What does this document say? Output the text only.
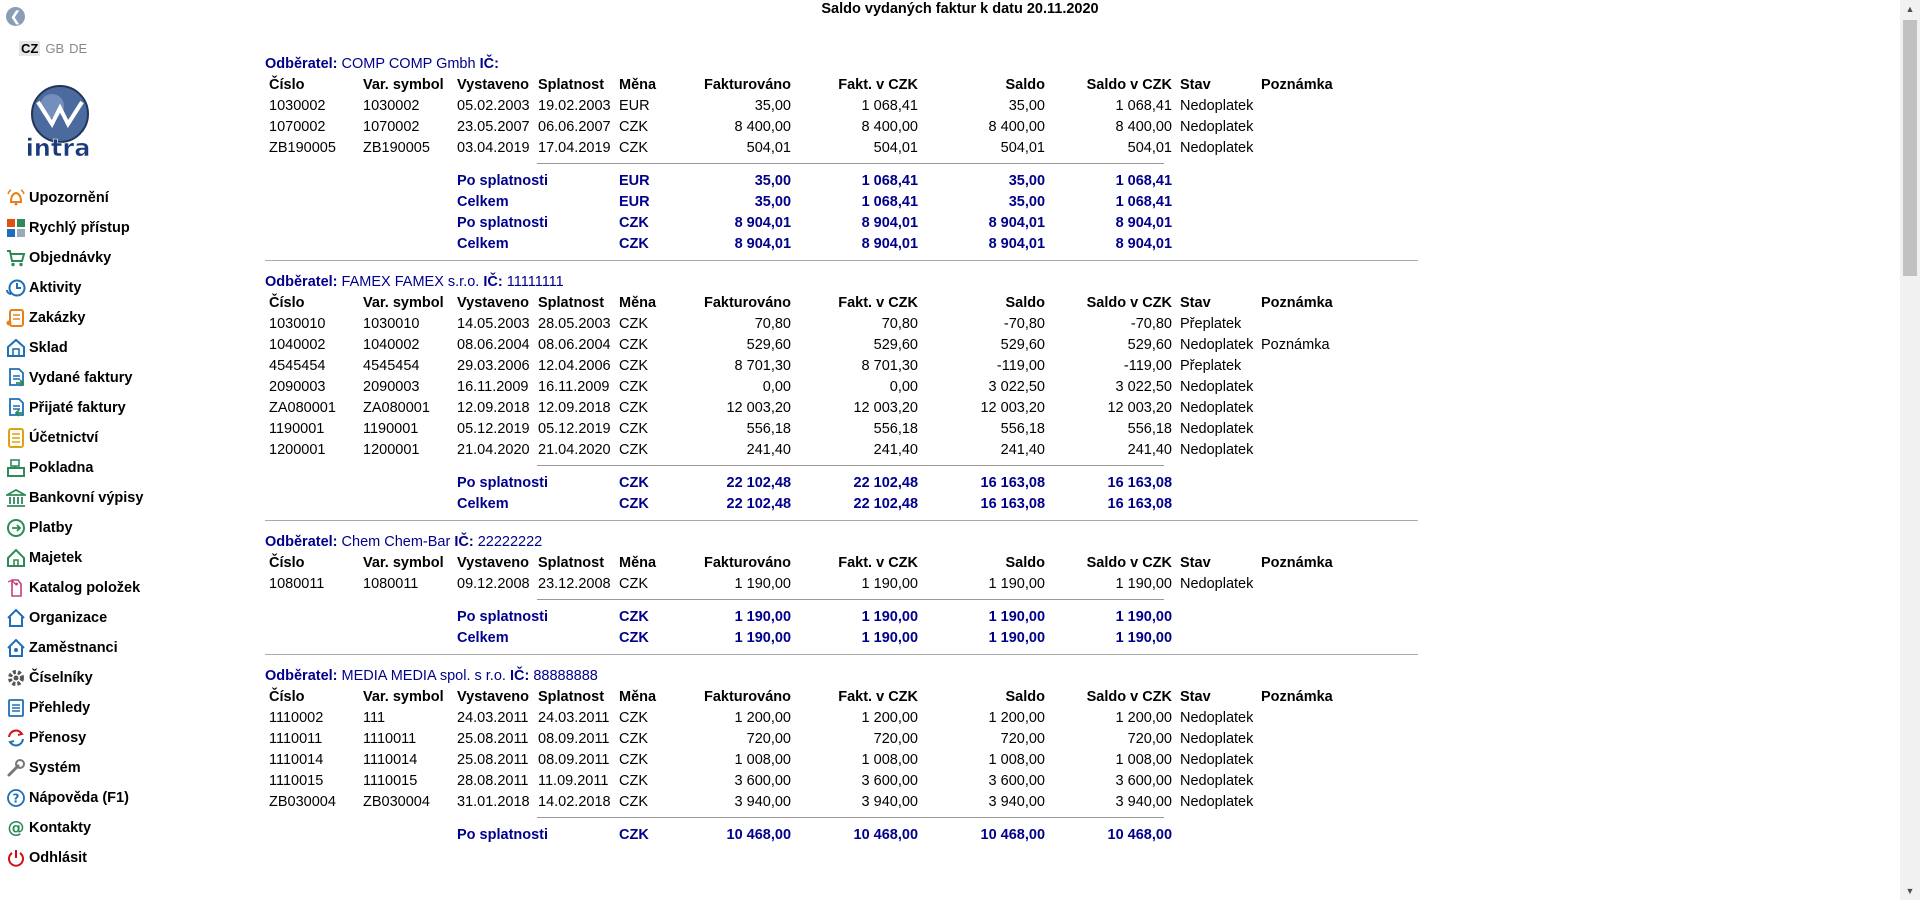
Saldo vydaných faktur k datu 20.11.2020
❮
CZ GB DE
intra
Upozornění
Rychlý přístup
Objednávky
Aktivity
Zakázky
Sklad
Vydané faktury
Přijaté faktury
Účetnictví
Pokladna
Bankovní výpisy
Platby
Majetek
Katalog položek
Organizace
Zaměstnanci
Číselníky
Přehledy
Přenosy
Systém
? Nápověda (F1)
@ Kontakty
Odhlásit
Odběratel: COMP COMP Gmbh IČ:
Číslo	Var. symbol	Vystaveno	Splatnost	Měna	Fakturováno	Fakt. v CZK	Saldo	Saldo v CZK	Stav	Poznámka
1030002	1030002	05.02.2003	19.02.2003	EUR	35,00	1 068,41	35,00	1 068,41	Nedoplatek	
1070002	1070002	23.05.2007	06.06.2007	CZK	8 400,00	8 400,00	8 400,00	8 400,00	Nedoplatek	
ZB190005	ZB190005	03.04.2019	17.04.2019	CZK	504,01	504,01	504,01	504,01	Nedoplatek	
		Po splatnosti	EUR	35,00	1 068,41	35,00	1 068,41		
		Celkem	EUR	35,00	1 068,41	35,00	1 068,41		
		Po splatnosti	CZK	8 904,01	8 904,01	8 904,01	8 904,01		
		Celkem	CZK	8 904,01	8 904,01	8 904,01	8 904,01		
Odběratel: FAMEX FAMEX s.r.o. IČ: 11111111
Číslo	Var. symbol	Vystaveno	Splatnost	Měna	Fakturováno	Fakt. v CZK	Saldo	Saldo v CZK	Stav	Poznámka
1030010	1030010	14.05.2003	28.05.2003	CZK	70,80	70,80	-70,80	-70,80	Přeplatek	
1040002	1040002	08.06.2004	08.06.2004	CZK	529,60	529,60	529,60	529,60	Nedoplatek	Poznámka
4545454	4545454	29.03.2006	12.04.2006	CZK	8 701,30	8 701,30	-119,00	-119,00	Přeplatek	
2090003	2090003	16.11.2009	16.11.2009	CZK	0,00	0,00	3 022,50	3 022,50	Nedoplatek	
ZA080001	ZA080001	12.09.2018	12.09.2018	CZK	12 003,20	12 003,20	12 003,20	12 003,20	Nedoplatek	
1190001	1190001	05.12.2019	05.12.2019	CZK	556,18	556,18	556,18	556,18	Nedoplatek	
1200001	1200001	21.04.2020	21.04.2020	CZK	241,40	241,40	241,40	241,40	Nedoplatek	
		Po splatnosti	CZK	22 102,48	22 102,48	16 163,08	16 163,08		
		Celkem	CZK	22 102,48	22 102,48	16 163,08	16 163,08		
Odběratel: Chem Chem-Bar IČ: 22222222
Číslo	Var. symbol	Vystaveno	Splatnost	Měna	Fakturováno	Fakt. v CZK	Saldo	Saldo v CZK	Stav	Poznámka
1080011	1080011	09.12.2008	23.12.2008	CZK	1 190,00	1 190,00	1 190,00	1 190,00	Nedoplatek	
		Po splatnosti	CZK	1 190,00	1 190,00	1 190,00	1 190,00		
		Celkem	CZK	1 190,00	1 190,00	1 190,00	1 190,00		
Odběratel: MEDIA MEDIA spol. s r.o. IČ: 88888888
Číslo	Var. symbol	Vystaveno	Splatnost	Měna	Fakturováno	Fakt. v CZK	Saldo	Saldo v CZK	Stav	Poznámka
1110002	111	24.03.2011	24.03.2011	CZK	1 200,00	1 200,00	1 200,00	1 200,00	Nedoplatek	
1110011	1110011	25.08.2011	08.09.2011	CZK	720,00	720,00	720,00	720,00	Nedoplatek	
1110014	1110014	25.08.2011	08.09.2011	CZK	1 008,00	1 008,00	1 008,00	1 008,00	Nedoplatek	
1110015	1110015	28.08.2011	11.09.2011	CZK	3 600,00	3 600,00	3 600,00	3 600,00	Nedoplatek	
ZB030004	ZB030004	31.01.2018	14.02.2018	CZK	3 940,00	3 940,00	3 940,00	3 940,00	Nedoplatek	
		Po splatnosti	CZK	10 468,00	10 468,00	10 468,00	10 468,00		
▲
▼
